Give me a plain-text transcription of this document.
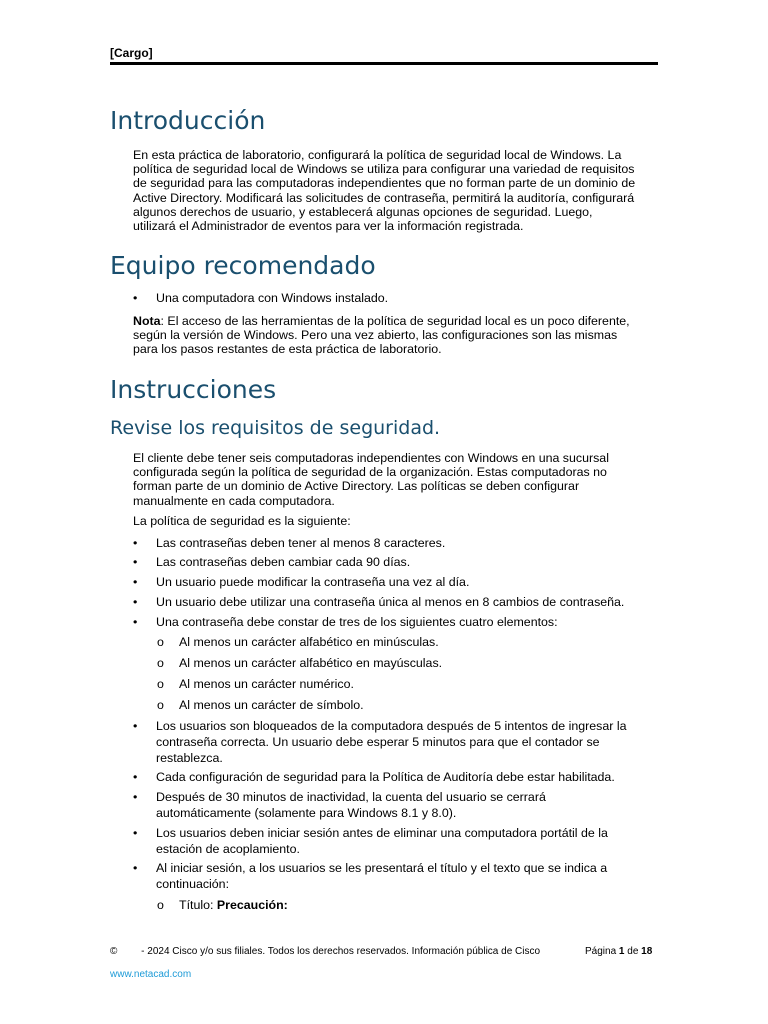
[Cargo]
Introducción
En esta práctica de laboratorio, configurará la política de seguridad local de Windows. La
política de seguridad local de Windows se utiliza para configurar una variedad de requisitos
de seguridad para las computadoras independientes que no forman parte de un dominio de
Active Directory. Modificará las solicitudes de contraseña, permitirá la auditoría, configurará
algunos derechos de usuario, y establecerá algunas opciones de seguridad. Luego,
utilizará el Administrador de eventos para ver la información registrada.
Equipo recomendado
• Una computadora con Windows instalado.
Nota: El acceso de las herramientas de la política de seguridad local es un poco diferente,
según la versión de Windows. Pero una vez abierto, las configuraciones son las mismas
para los pasos restantes de esta práctica de laboratorio.
Instrucciones
Revise los requisitos de seguridad.
El cliente debe tener seis computadoras independientes con Windows en una sucursal
configurada según la política de seguridad de la organización. Estas computadoras no
forman parte de un dominio de Active Directory. Las políticas se deben configurar
manualmente en cada computadora.
La política de seguridad es la siguiente:
• Las contraseñas deben tener al menos 8 caracteres.
• Las contraseñas deben cambiar cada 90 días.
• Un usuario puede modificar la contraseña una vez al día.
• Un usuario debe utilizar una contraseña única al menos en 8 cambios de contraseña.
• Una contraseña debe constar de tres de los siguientes cuatro elementos:
o Al menos un carácter alfabético en minúsculas.
o Al menos un carácter alfabético en mayúsculas.
o Al menos un carácter numérico.
o Al menos un carácter de símbolo.
• Los usuarios son bloqueados de la computadora después de 5 intentos de ingresar la
contraseña correcta. Un usuario debe esperar 5 minutos para que el contador se
restablezca.
• Cada configuración de seguridad para la Política de Auditoría debe estar habilitada.
• Después de 30 minutos de inactividad, la cuenta del usuario se cerrará
automáticamente (solamente para Windows 8.1 y 8.0).
• Los usuarios deben iniciar sesión antes de eliminar una computadora portátil de la
estación de acoplamiento.
• Al iniciar sesión, a los usuarios se les presentará el título y el texto que se indica a
continuación:
o Título: Precaución:
© - 2024 Cisco y/o sus filiales. Todos los derechos reservados. Información pública de Cisco	Página 1 de 18
www.netacad.com
